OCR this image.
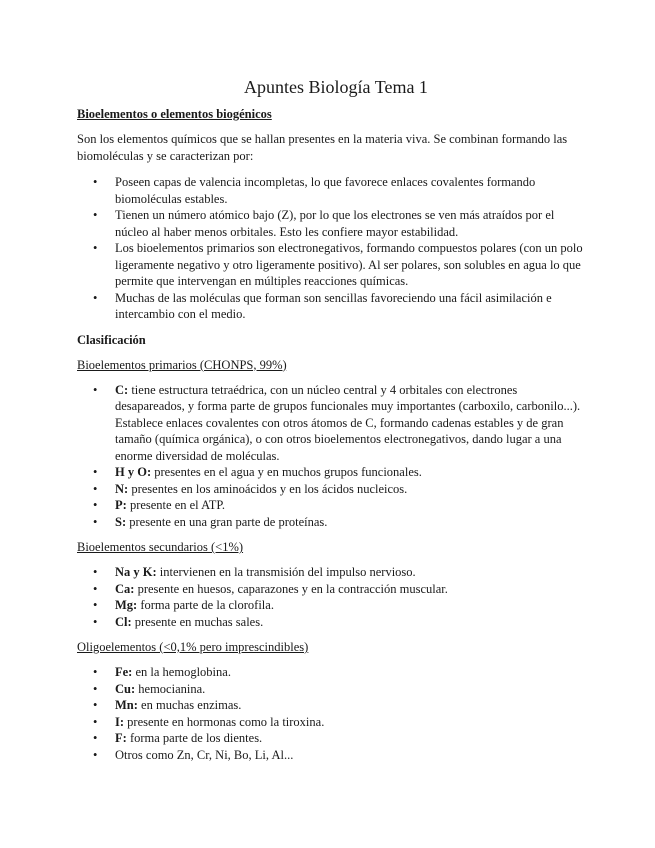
Apuntes Biología Tema 1
Bioelementos o elementos biogénicos

Son los elementos químicos que se hallan presentes en la materia viva. Se combinan formando las biomoléculas y se caracterizan por:

• Poseen capas de valencia incompletas, lo que favorece enlaces covalentes formando biomoléculas estables.
• Tienen un número atómico bajo (Z), por lo que los electrones se ven más atraídos por el núcleo al haber menos orbitales. Esto les confiere mayor estabilidad.
• Los bioelementos primarios son electronegativos, formando compuestos polares (con un polo ligeramente negativo y otro ligeramente positivo). Al ser polares, son solubles en agua lo que permite que intervengan en múltiples reacciones químicas.
• Muchas de las moléculas que forman son sencillas favoreciendo una fácil asimilación e intercambio con el medio.
Clasificación
Bioelementos primarios (CHONPS, 99%)
• C: tiene estructura tetraédrica, con un núcleo central y 4 orbitales con electrones desapareados, y forma parte de grupos funcionales muy importantes (carboxilo, carbonilo...). Establece enlaces covalentes con otros átomos de C, formando cadenas estables y de gran tamaño (química orgánica), o con otros bioelementos electronegativos, dando lugar a una enorme diversidad de moléculas.
• H y O: presentes en el agua y en muchos grupos funcionales.
• N: presentes en los aminoácidos y en los ácidos nucleicos.
• P: presente en el ATP.
• S: presente en una gran parte de proteínas.
Bioelementos secundarios (<1%)
• Na y K: intervienen en la transmisión del impulso nervioso.
• Ca: presente en huesos, caparazones y en la contracción muscular.
• Mg: forma parte de la clorofila.
• Cl: presente en muchas sales.
Oligoelementos (<0,1% pero imprescindibles)
• Fe: en la hemoglobina.
• Cu: hemocianina.
• Mn: en muchas enzimas.
• I: presente en hormonas como la tiroxina.
• F: forma parte de los dientes.
• Otros como Zn, Cr, Ni, Bo, Li, Al...
